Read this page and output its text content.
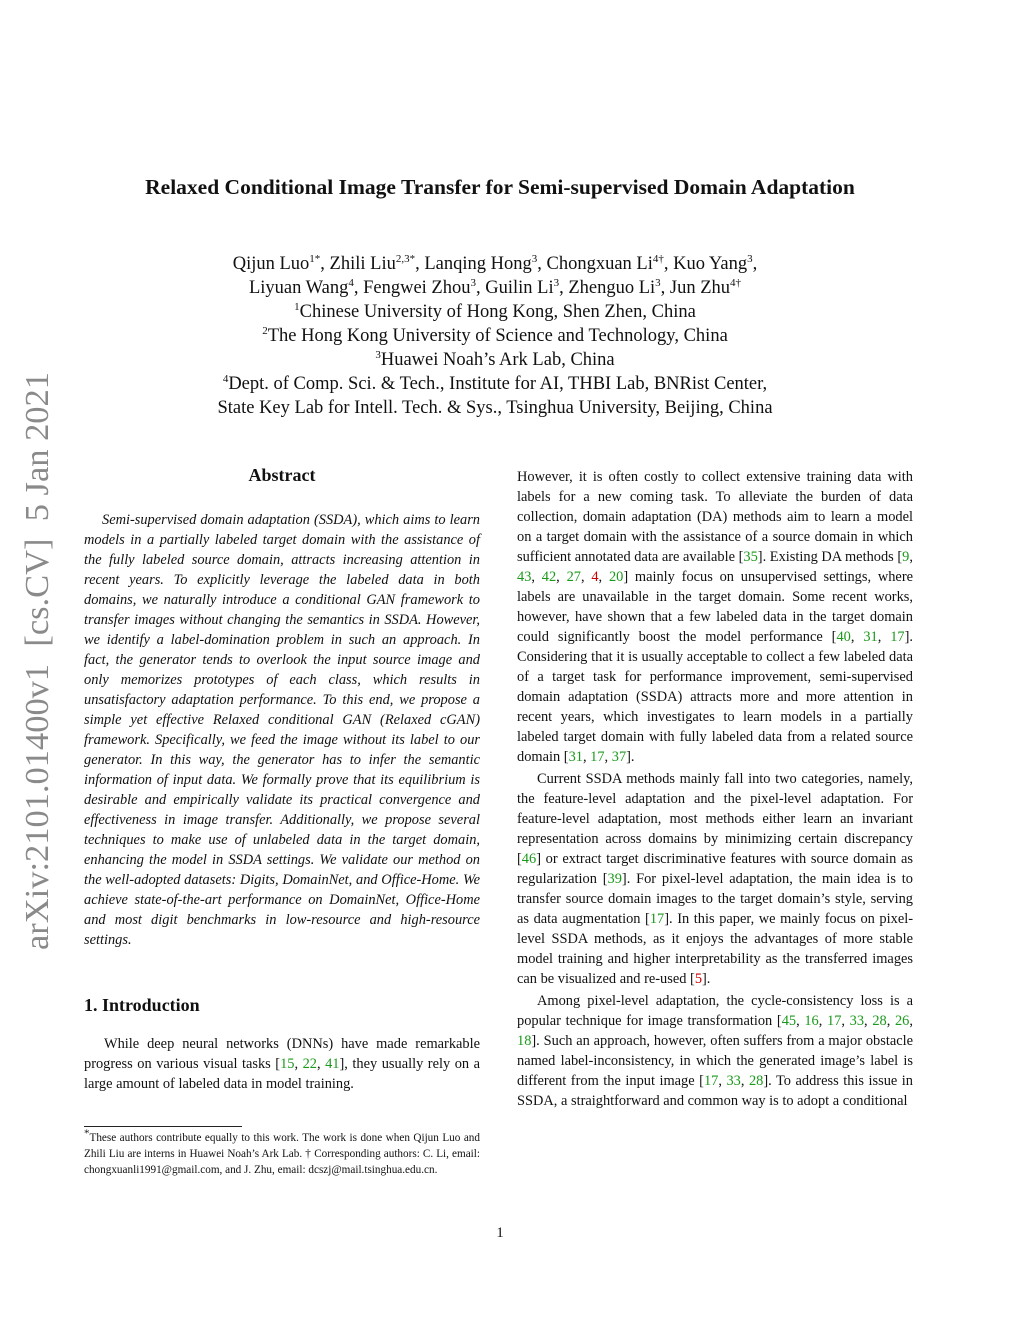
arXiv:2101.01400v1  [cs.CV]  5 Jan 2021
Relaxed Conditional Image Transfer for Semi-supervised Domain Adaptation
Qijun Luo$^{1*}$, Zhili Liu$^{2,3*}$, Lanqing Hong$^3$, Chongxuan $Li^{4\dagger}$, Kuo Yang$^3$,
Liyuan Wang$^4$, Fengwei Zhou$^3$, Guilin Li$^3$, Zhenguo Li$^3$, Jun Zhu$^{4\dagger}$
$^1$Chinese University of Hong Kong, Shen Zhen, China
$^2$The Hong Kong University of Science and Technology, China
$^3$Huawei Noah’s Ark Lab, China
$^4$Dept. of Comp. Sci. & Tech., Institute for AI, THBI Lab, BNRist Center,
State Key Lab for Intell. Tech. & Sys., Tsinghua University, Beijing, China
Abstract

Semi-supervised domain adaptation (SSDA), which aims to learn models in a partially labeled target domain with the assistance of the fully labeled source domain, attracts increasing attention in recent years. To explicitly leverage the labeled data in both domains, we naturally introduce a conditional GAN framework to transfer images without changing the semantics in SSDA. However, we identify a label-domination problem in such an approach. In fact, the generator tends to overlook the input source image and only memorizes prototypes of each class, which results in unsatisfactory adaptation performance. To this end, we propose a simple yet effective Relaxed conditional GAN (Relaxed cGAN) framework. Specifically, we feed the image without its label to our generator. In this way, the generator has to infer the semantic information of input data. We formally prove that its equilibrium is desirable and empirically validate its practical convergence and effectiveness in image transfer. Additionally, we propose several techniques to make use of unlabeled data in the target domain, enhancing the model in SSDA settings. We validate our method on the well-adopted datasets: Digits, DomainNet, and Office-Home. We achieve state-of-the-art performance on DomainNet, Office-Home and most digit benchmarks in low-resource and high-resource settings.

1. Introduction

While deep neural networks (DNNs) have made remarkable progress on various visual tasks [15, 22, 41], they usually rely on a large amount of labeled data in model training.

*These authors contribute equally to this work. The work is done when Qijun Luo and Zhili Liu are interns in Huawei Noah’s Ark Lab. † Corresponding authors: C. Li, email: chongxuanli1991@gmail.com, and J. Zhu, email: dcszj@mail.tsinghua.edu.cn.

However, it is often costly to collect extensive training data with labels for a new coming task. To alleviate the burden of data collection, domain adaptation (DA) methods aim to learn a model on a target domain with the assistance of a source domain in which sufficient annotated data are available [35]. Existing DA methods [9, 43, 42, 27, 4, 20] mainly focus on unsupervised settings, where labels are unavailable in the target domain. Some recent works, however, have shown that a few labeled data in the target domain could significantly boost the model performance [40, 31, 17]. Considering that it is usually acceptable to collect a few labeled data of a target task for performance improvement, semi-supervised domain adaptation (SSDA) attracts more and more attention in recent years, which investigates to learn models in a partially labeled target domain with fully labeled data from a related source domain [31, 17, 37].

Current SSDA methods mainly fall into two categories, namely, the feature-level adaptation and the pixel-level adaptation. For feature-level adaptation, most methods either learn an invariant representation across domains by minimizing certain discrepancy [46] or extract target discriminative features with source domain as regularization [39]. For pixel-level adaptation, the main idea is to transfer source domain images to the target domain’s style, serving as data augmentation [17]. In this paper, we mainly focus on pixel-level SSDA methods, as it enjoys the advantages of more stable model training and higher interpretability as the transferred images can be visualized and re-used [5].

Among pixel-level adaptation, the cycle-consistency loss is a popular technique for image transformation [45, 16, 17, 33, 28, 26, 18]. Such an approach, however, often suffers from a major obstacle named label-inconsistency, in which the generated image’s label is different from the input image [17, 33, 28]. To address this issue in SSDA, a straightforward and common way is to adopt a conditional

1
